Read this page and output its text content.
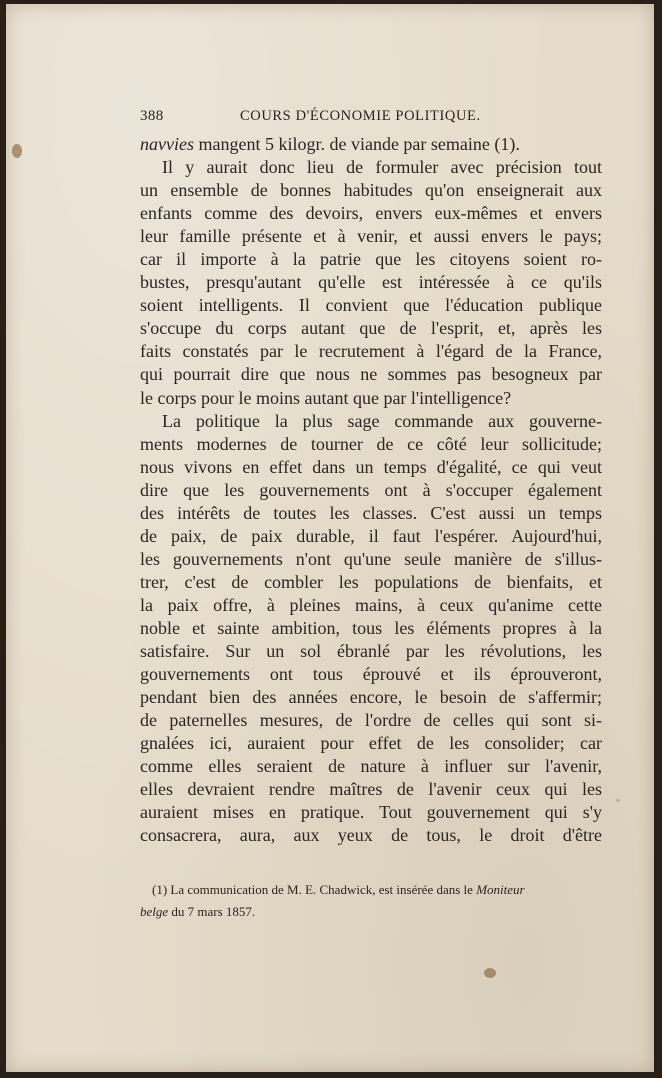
388	COURS D'ÉCONOMIE POLITIQUE.
navvies mangent 5 kilogr. de viande par semaine (1).
Il y aurait donc lieu de formuler avec précision tout
un ensemble de bonnes habitudes qu'on enseignerait aux
enfants comme des devoirs, envers eux-mêmes et envers
leur famille présente et à venir, et aussi envers le pays;
car il importe à la patrie que les citoyens soient ro-
bustes, presqu'autant qu'elle est intéressée à ce qu'ils
soient intelligents. Il convient que l'éducation publique
s'occupe du corps autant que de l'esprit, et, après les
faits constatés par le recrutement à l'égard de la France,
qui pourrait dire que nous ne sommes pas besogneux par
le corps pour le moins autant que par l'intelligence?
La politique la plus sage commande aux gouverne-
ments modernes de tourner de ce côté leur sollicitude;
nous vivons en effet dans un temps d'égalité, ce qui veut
dire que les gouvernements ont à s'occuper également
des intérêts de toutes les classes. C'est aussi un temps
de paix, de paix durable, il faut l'espérer. Aujourd'hui,
les gouvernements n'ont qu'une seule manière de s'illus-
trer, c'est de combler les populations de bienfaits, et
la paix offre, à pleines mains, à ceux qu'anime cette
noble et sainte ambition, tous les éléments propres à la
satisfaire. Sur un sol ébranlé par les révolutions, les
gouvernements ont tous éprouvé et ils éprouveront,
pendant bien des années encore, le besoin de s'affermir;
de paternelles mesures, de l'ordre de celles qui sont si-
gnalées ici, auraient pour effet de les consolider; car
comme elles seraient de nature à influer sur l'avenir,
elles devraient rendre maîtres de l'avenir ceux qui les
auraient mises en pratique. Tout gouvernement qui s'y
consacrera, aura, aux yeux de tous, le droit d'être
(1) La communication de M. E. Chadwick, est insérée dans le Moniteur
belge du 7 mars 1857.
